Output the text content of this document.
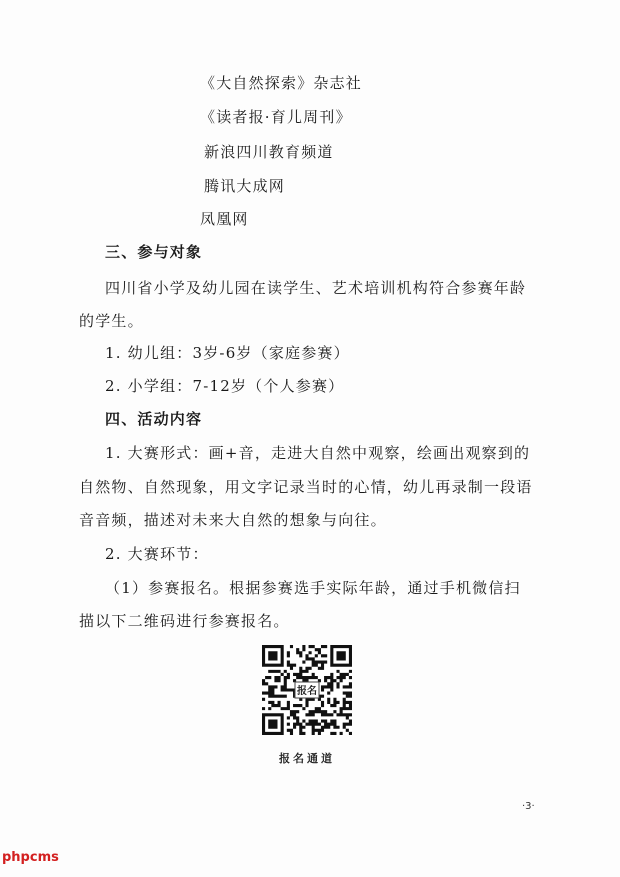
《大自然探索》杂志社
《读者报·育儿周刊》
新浪四川教育频道
腾讯大成网
凤凰网
三、参与对象
四川省小学及幼儿园在读学生、艺术培训机构符合参赛年龄
的学生。
1. 幼儿组：3岁-6岁（家庭参赛）
2. 小学组：7-12岁（个人参赛）
四、活动内容
1. 大赛形式：画+音，走进大自然中观察，绘画出观察到的
自然物、自然现象，用文字记录当时的心情，幼儿再录制一段语
音音频，描述对未来大自然的想象与向往。
2. 大赛环节：
（1）参赛报名。根据参赛选手实际年龄，通过手机微信扫
描以下二维码进行参赛报名。
报名
报名通道
·3·
phpcms
